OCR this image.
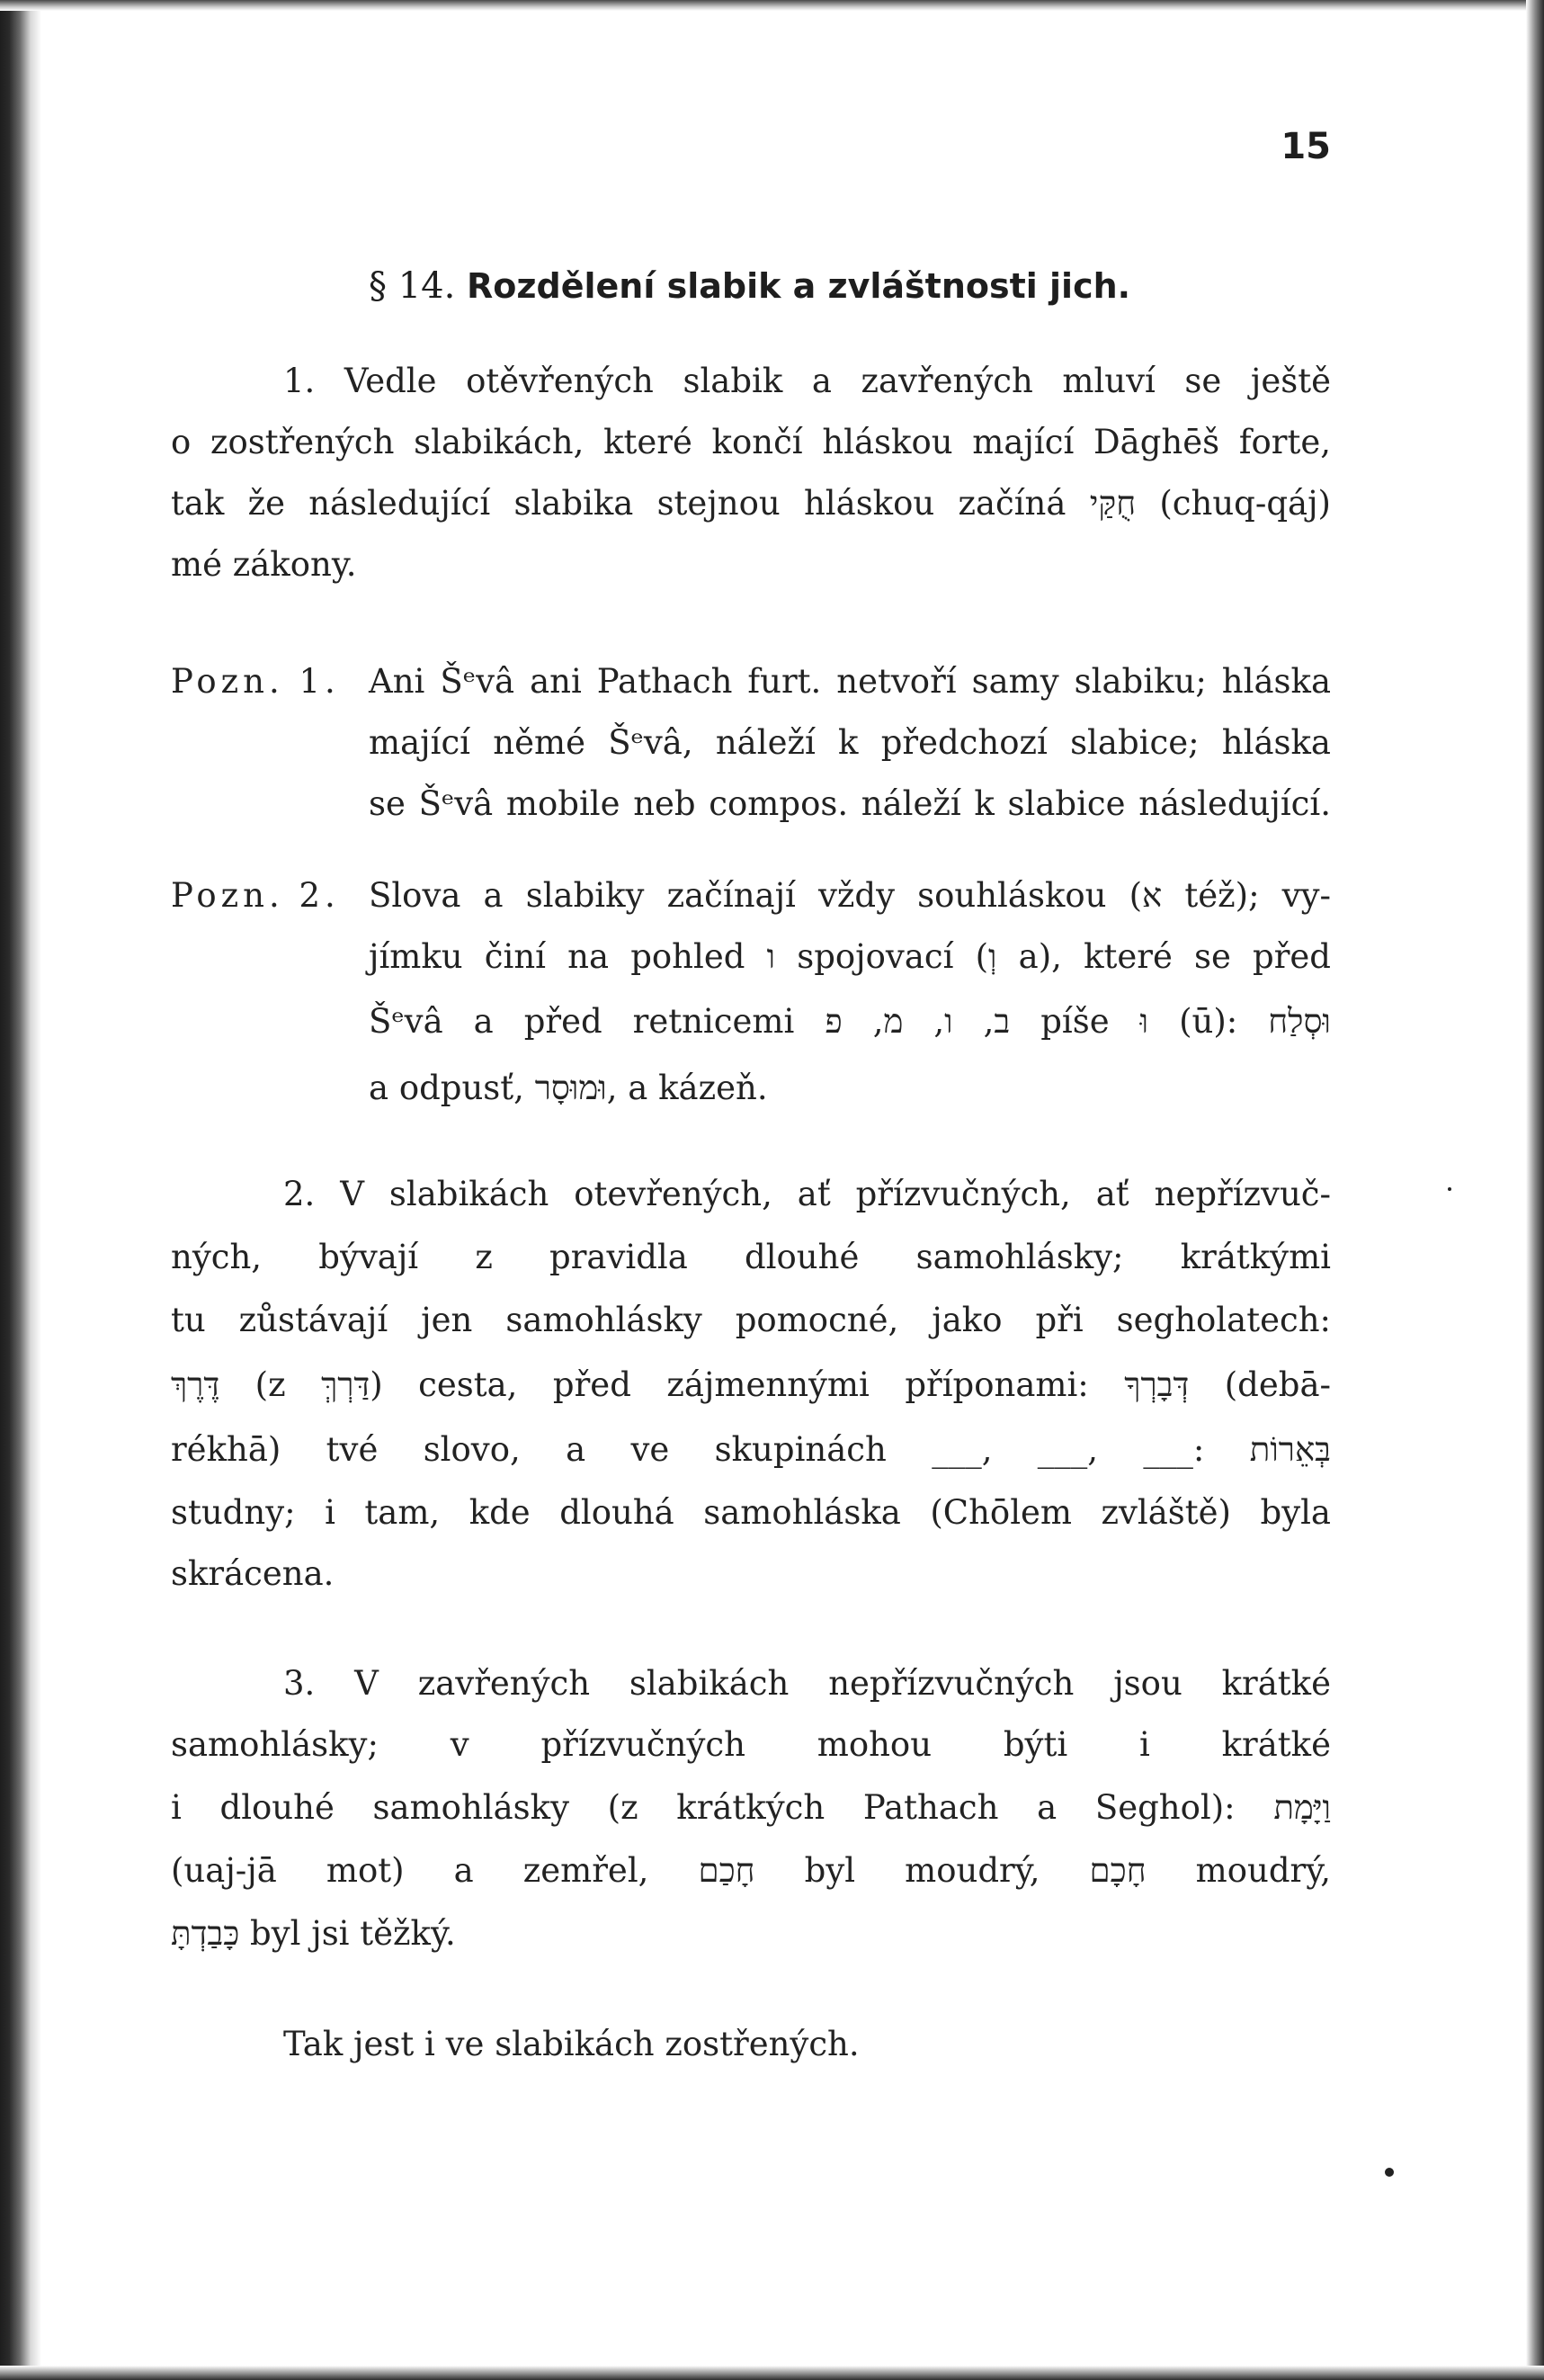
15
§ 14. Rozdělení slabik a zvláštnosti jich.
1. Vedle otěvřených slabik a zavřených mluví se ještě
o zostřených slabikách, které končí hláskou mající Dāghēš forte,
tak že následující slabika stejnou hláskou začíná חֻקַּי (chuq-qáj)
mé zákony.
Pozn. 1. Ani Šᵉvâ ani Pathach furt. netvoří samy slabiku; hláska
mající němé Šᵉvâ, náleží k předchozí slabice; hláska
se Šᵉvâ mobile neb compos. náleží k slabice následující.
Pozn. 2. Slova a slabiky začínají vždy souhláskou (א též); vy-
jímku činí na pohled ו spojovací (וְ a), které se před
Šᵉvâ a před retnicemi ב, ו, מ, פ píše וּ (ū): וּסְלַח
a odpusť, וּמוּסָר, a kázeň.
2. V slabikách otevřených, ať přízvučných, ať nepřízvuč-
ných, bývají z pravidla dlouhé samohlásky; krátkými
tu zůstávají jen samohlásky pomocné, jako při segholatech:
דֶּרֶךְ (z דַּרְךְּ) cesta, před zájmennými příponami: דְּבָרְךָ (debā-
rékhā) tvé slovo, a ve skupinách ___, ___, ___: בְּאֵרוֹת
studny; i tam, kde dlouhá samohláska (Chōlem zvláště) byla
skrácena.
3. V zavřených slabikách nepřízvučných jsou krátké
samohlásky; v přízvučných mohou býti i krátké
i dlouhé samohlásky (z krátkých Pathach a Seghol): וַיָּמָת
(uaj-jā mot) a zemřel, חָכַם byl moudrý, חָכָם moudrý,
כָּבַדְתָּ byl jsi těžký.
Tak jest i ve slabikách zostřených.
